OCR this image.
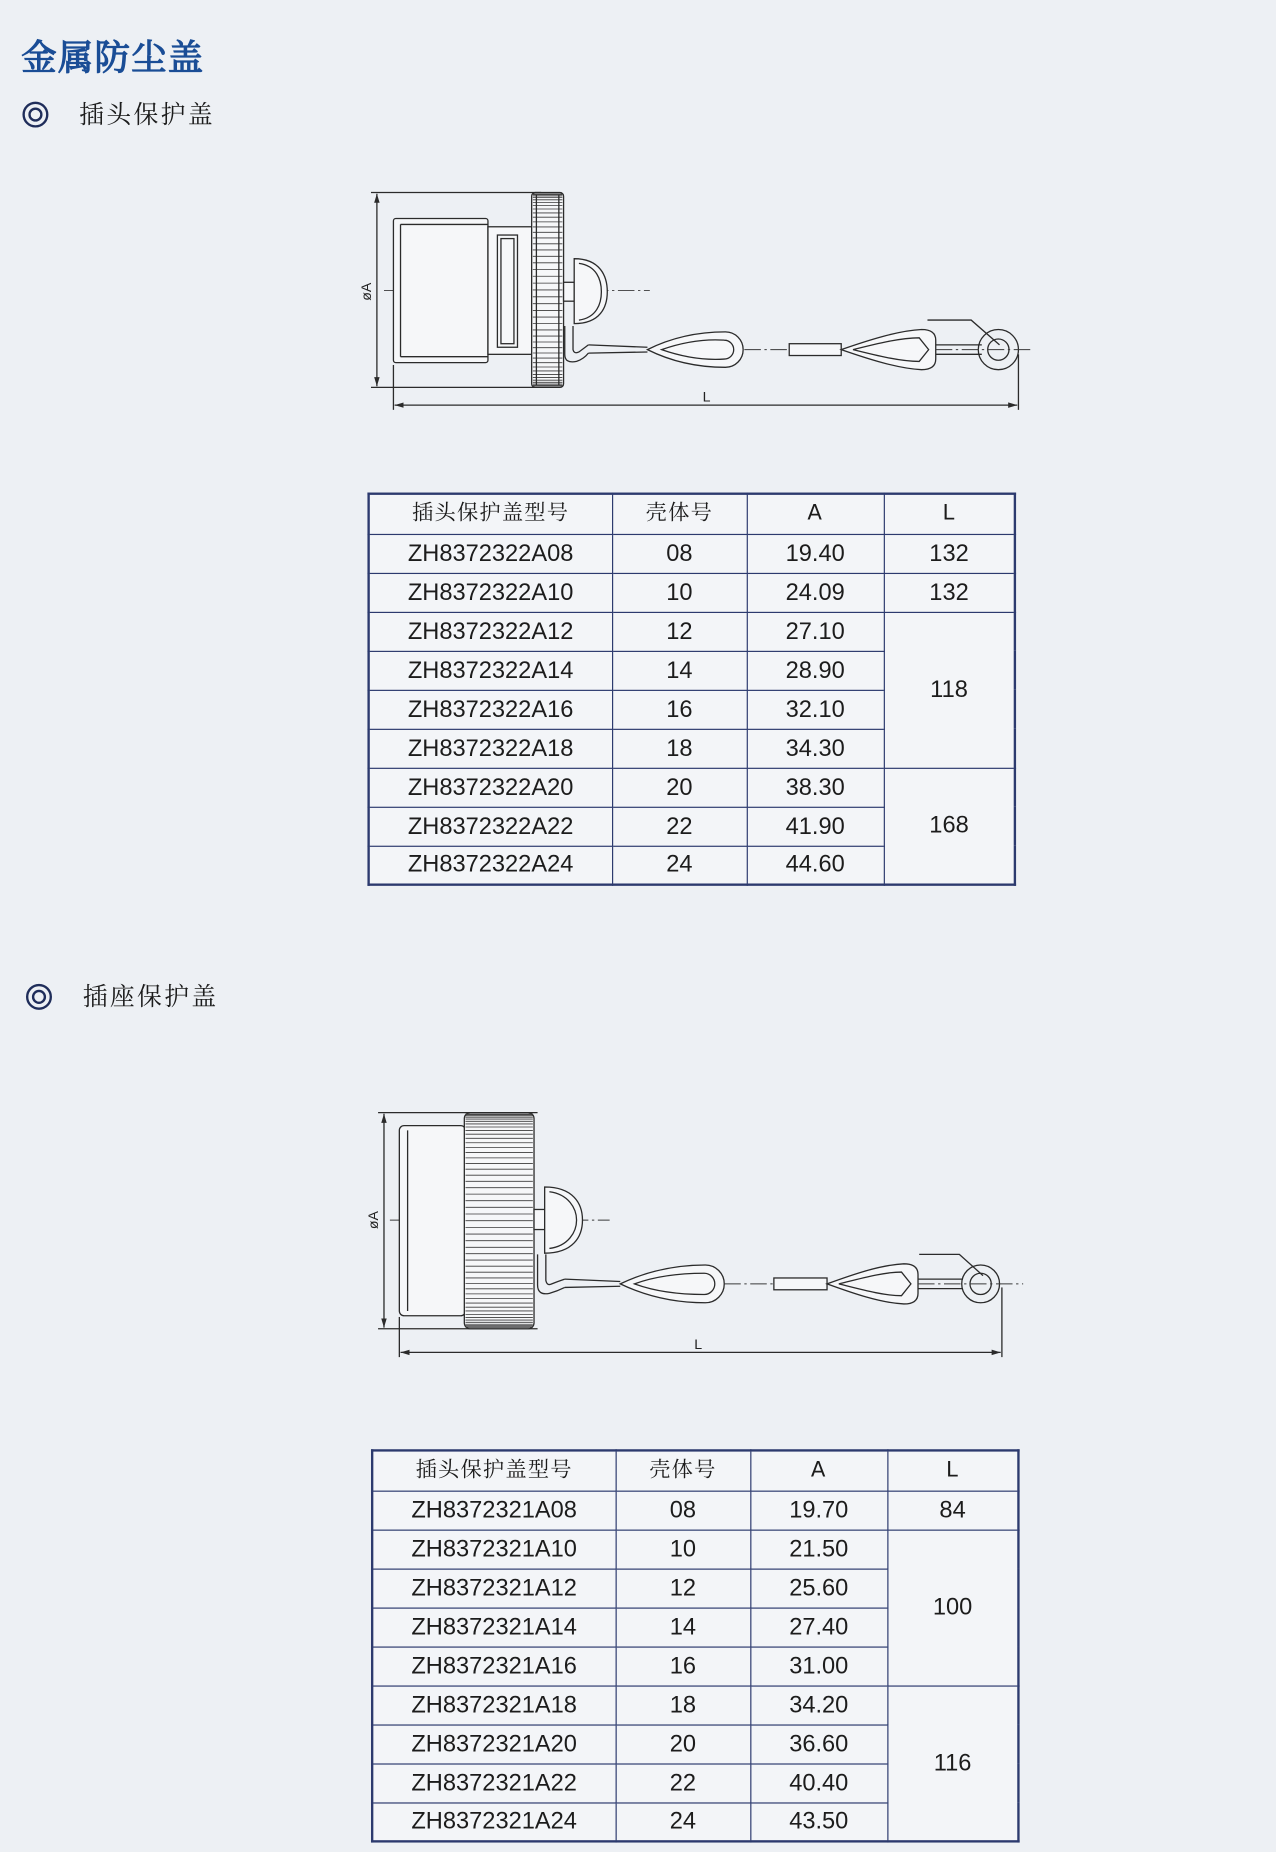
金属防尘盖
插头保护盖
øA
L
插头保护盖型号	壳体号	A	L
ZH8372322A08	08	19.40	132
ZH8372322A10	10	24.09	132
ZH8372322A12	12	27.10	118
ZH8372322A14	14	28.90	
ZH8372322A16	16	32.10	
ZH8372322A18	18	34.30	
ZH8372322A20	20	38.30	168
ZH8372322A22	22	41.90	
ZH8372322A24	24	44.60	
插座保护盖
øA
L
插头保护盖型号	壳体号	A	L
ZH8372321A08	08	19.70	84
ZH8372321A10	10	21.50	100
ZH8372321A12	12	25.60	
ZH8372321A14	14	27.40	
ZH8372321A16	16	31.00	
ZH8372321A18	18	34.20	116
ZH8372321A20	20	36.60	
ZH8372321A22	22	40.40	
ZH8372321A24	24	43.50	
